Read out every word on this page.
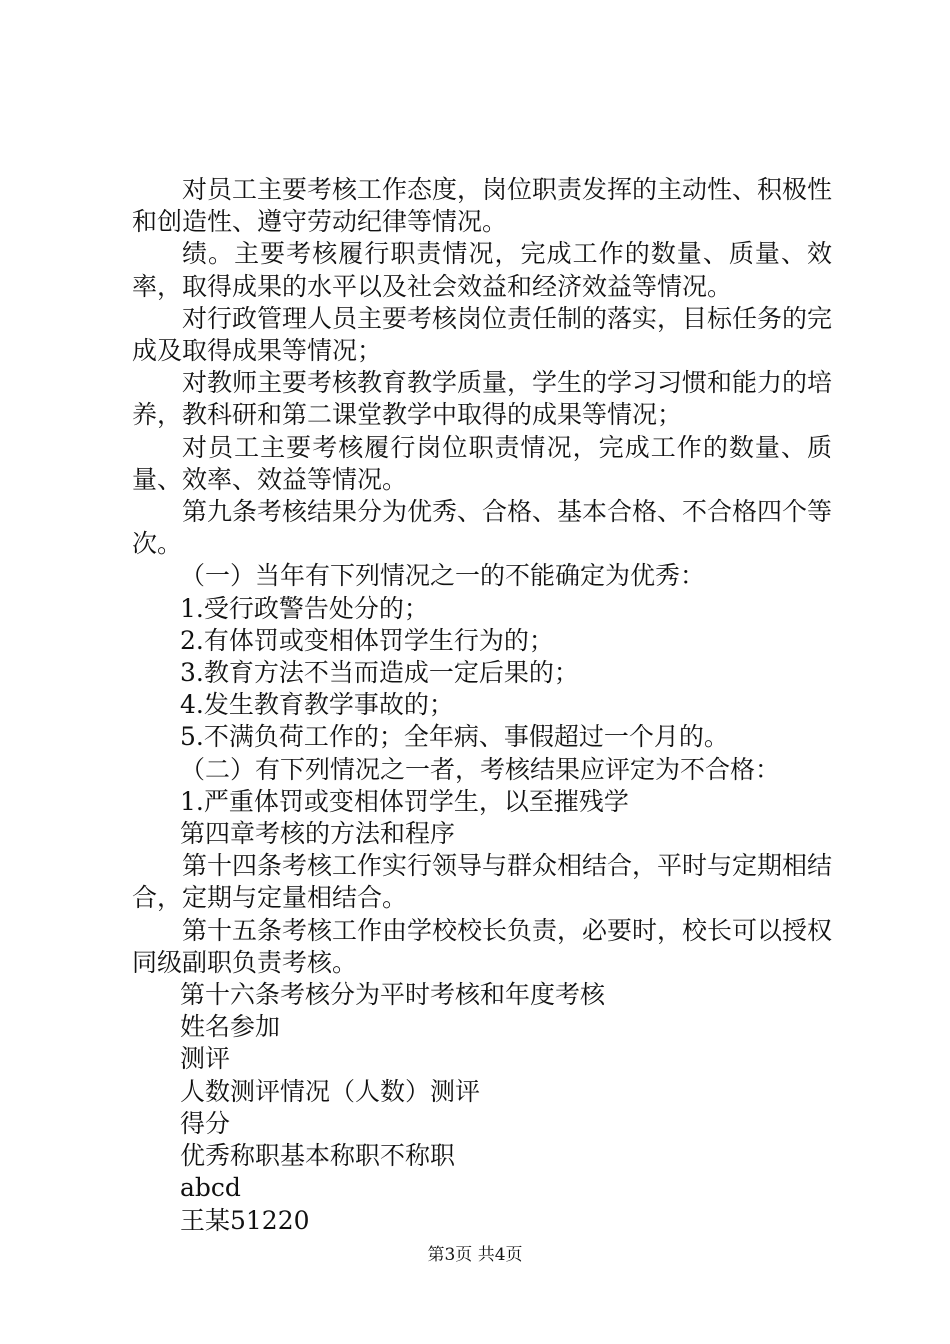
对员工主要考核工作态度，岗位职责发挥的主动性、积极性和创造性、遵守劳动纪律等情况。

绩。主要考核履行职责情况，完成工作的数量、质量、效率，取得成果的水平以及社会效益和经济效益等情况。

对行政管理人员主要考核岗位责任制的落实，目标任务的完成及取得成果等情况；

对教师主要考核教育教学质量，学生的学习习惯和能力的培养，教科研和第二课堂教学中取得的成果等情况；

对员工主要考核履行岗位职责情况，完成工作的数量、质量、效率、效益等情况。

第九条考核结果分为优秀、合格、基本合格、不合格四个等次。

（一）当年有下列情况之一的不能确定为优秀：

1.受行政警告处分的；

2.有体罚或变相体罚学生行为的；

3.教育方法不当而造成一定后果的；

4.发生教育教学事故的；

5.不满负荷工作的；全年病、事假超过一个月的。

（二）有下列情况之一者，考核结果应评定为不合格：

1.严重体罚或变相体罚学生，以至摧残学

第四章考核的方法和程序

第十四条考核工作实行领导与群众相结合，平时与定期相结合，定期与定量相结合。

第十五条考核工作由学校校长负责，必要时，校长可以授权同级副职负责考核。

第十六条考核分为平时考核和年度考核

姓名参加

测评

人数测评情况（人数）测评

得分

优秀称职基本称职不称职

abcd

王某51220

第3页 共4页
